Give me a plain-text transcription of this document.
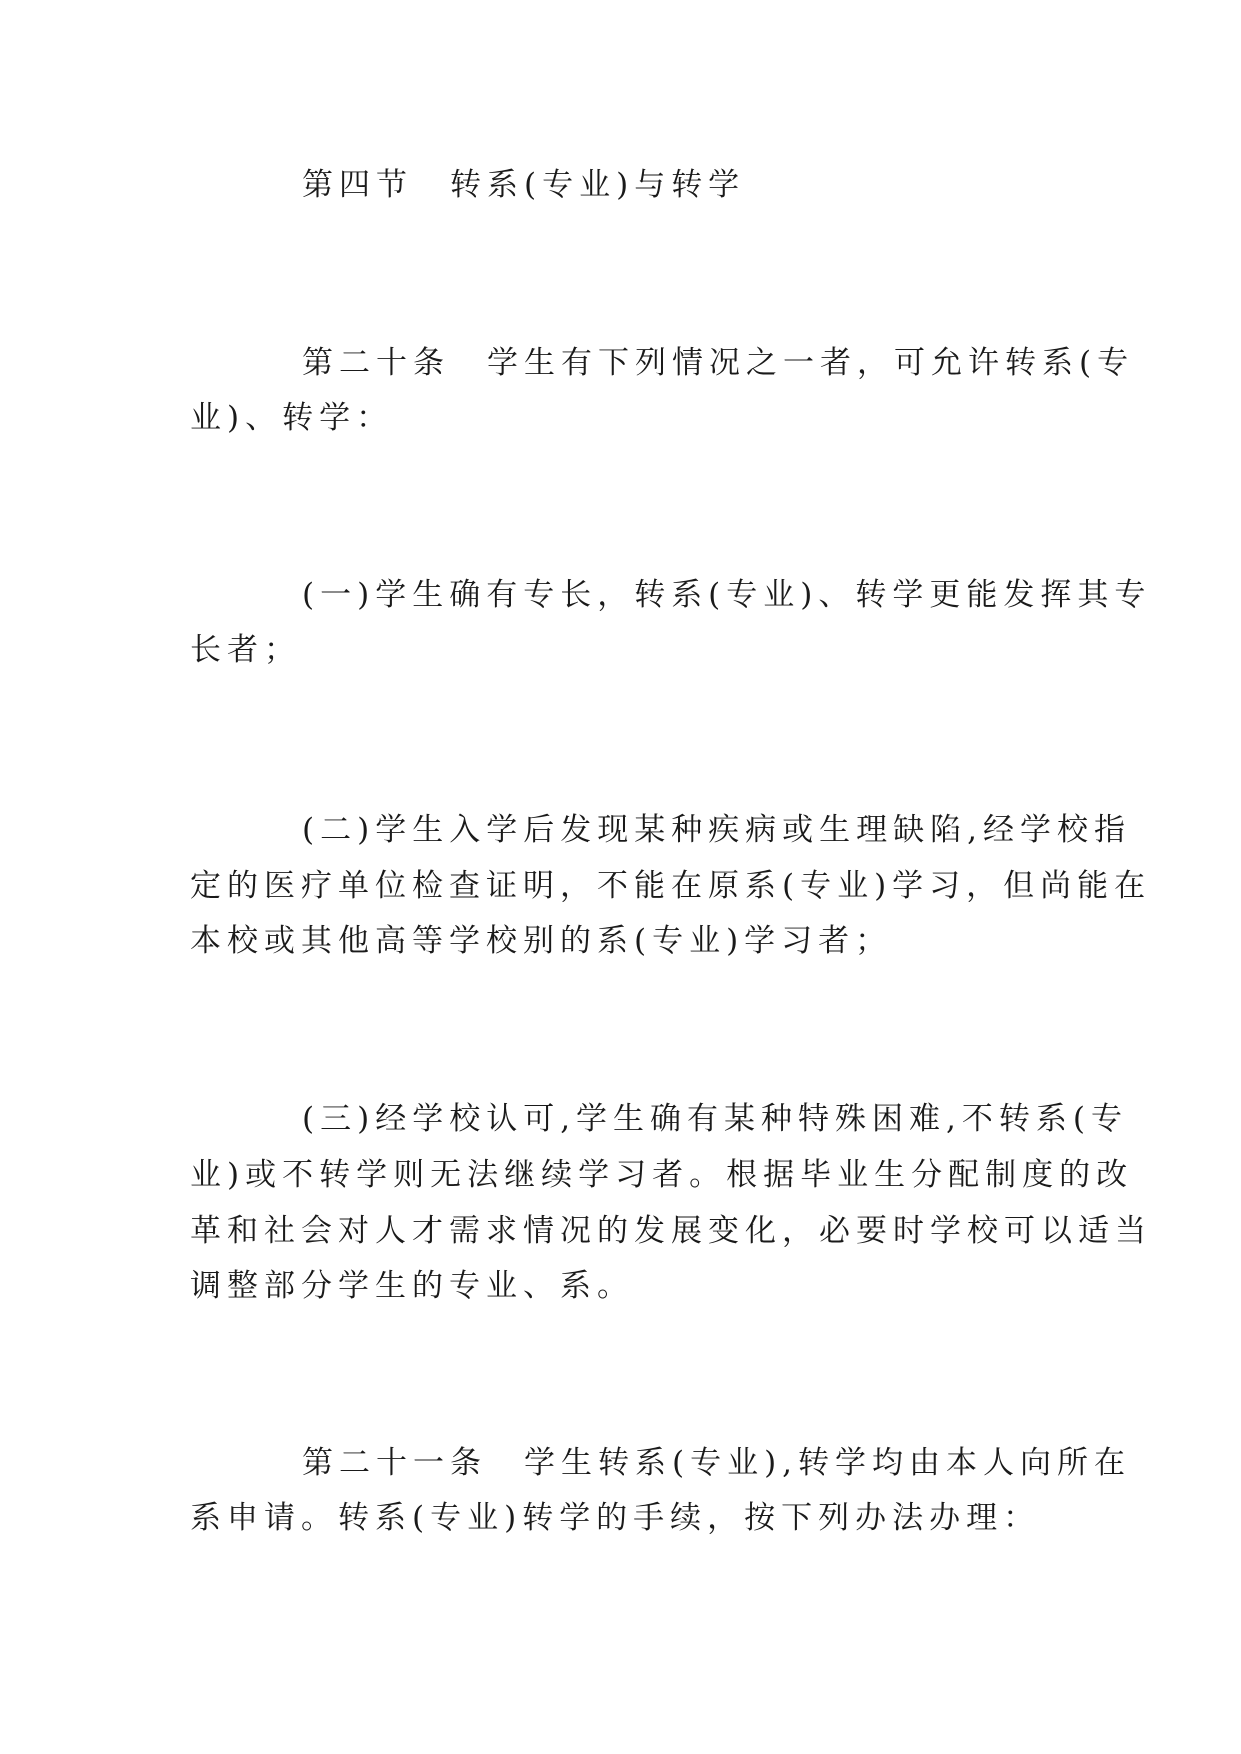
第四节　转系(专业)与转学
第二十条　学生有下列情况之一者，可允许转系(专
业)、转学：
(一)学生确有专长，转系(专业)、转学更能发挥其专
长者；
(二)学生入学后发现某种疾病或生理缺陷,经学校指
定的医疗单位检查证明，不能在原系(专业)学习，但尚能在
本校或其他高等学校别的系(专业)学习者；
(三)经学校认可,学生确有某种特殊困难,不转系(专
业)或不转学则无法继续学习者。根据毕业生分配制度的改
革和社会对人才需求情况的发展变化，必要时学校可以适当
调整部分学生的专业、系。
第二十一条　学生转系(专业),转学均由本人向所在
系申请。转系(专业)转学的手续，按下列办法办理：
